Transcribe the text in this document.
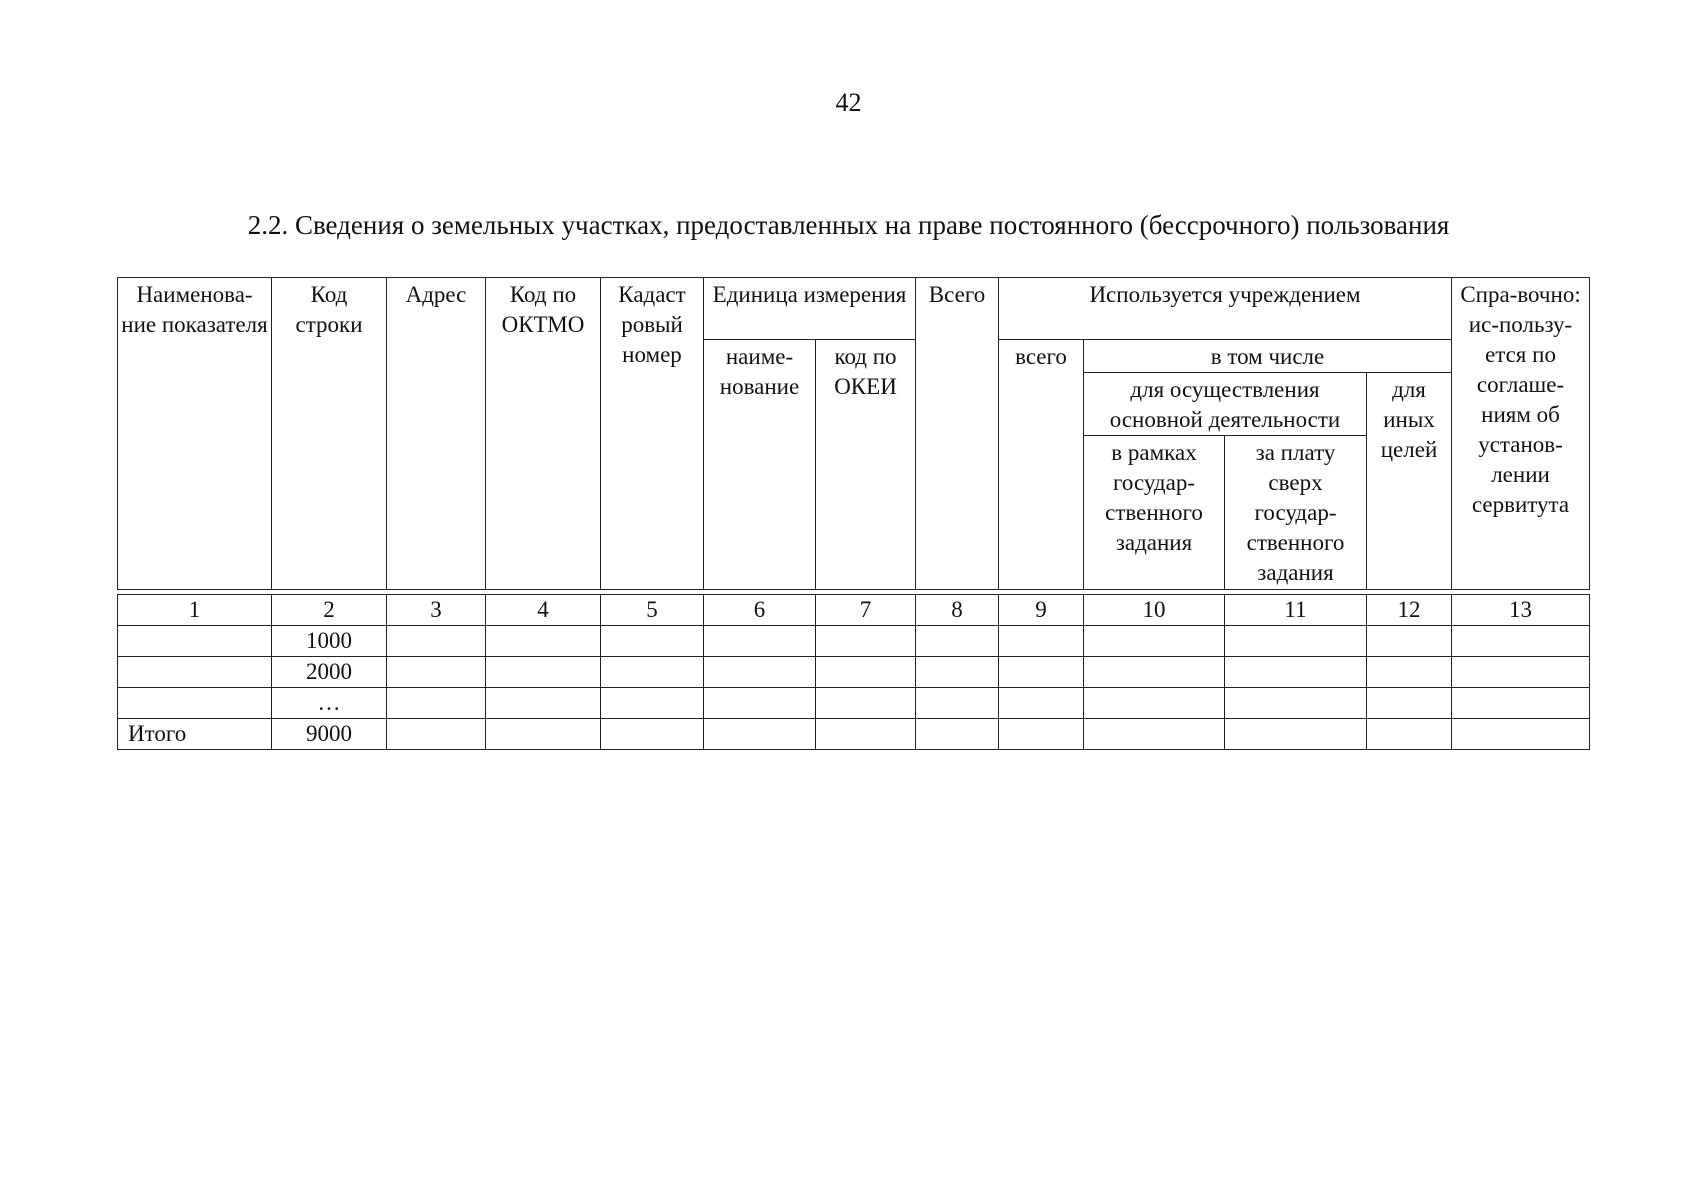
42
2.2. Сведения о земельных участках, предоставленных на праве постоянного (бессрочного) пользования
Наименова-ние показателя	Код строки	Адрес	Код по ОКТМО	Кадаст ровый номер	Единица измерения		Всего	Используется учреждением				Спра-вочно: ис-пользу-ется по соглаше-ниям об установ-лении сервитута
					наиме-нование	код по ОКЕИ		всего	в том числе			
									для осуществления основной деятельности		для иных целей	
									в рамках государ-ственного задания	за плату сверх государ-ственного задания		

1	2	3	4	5	6	7	8	9	10	11	12	13
	1000											
	2000											
	…											
Итого	9000											
